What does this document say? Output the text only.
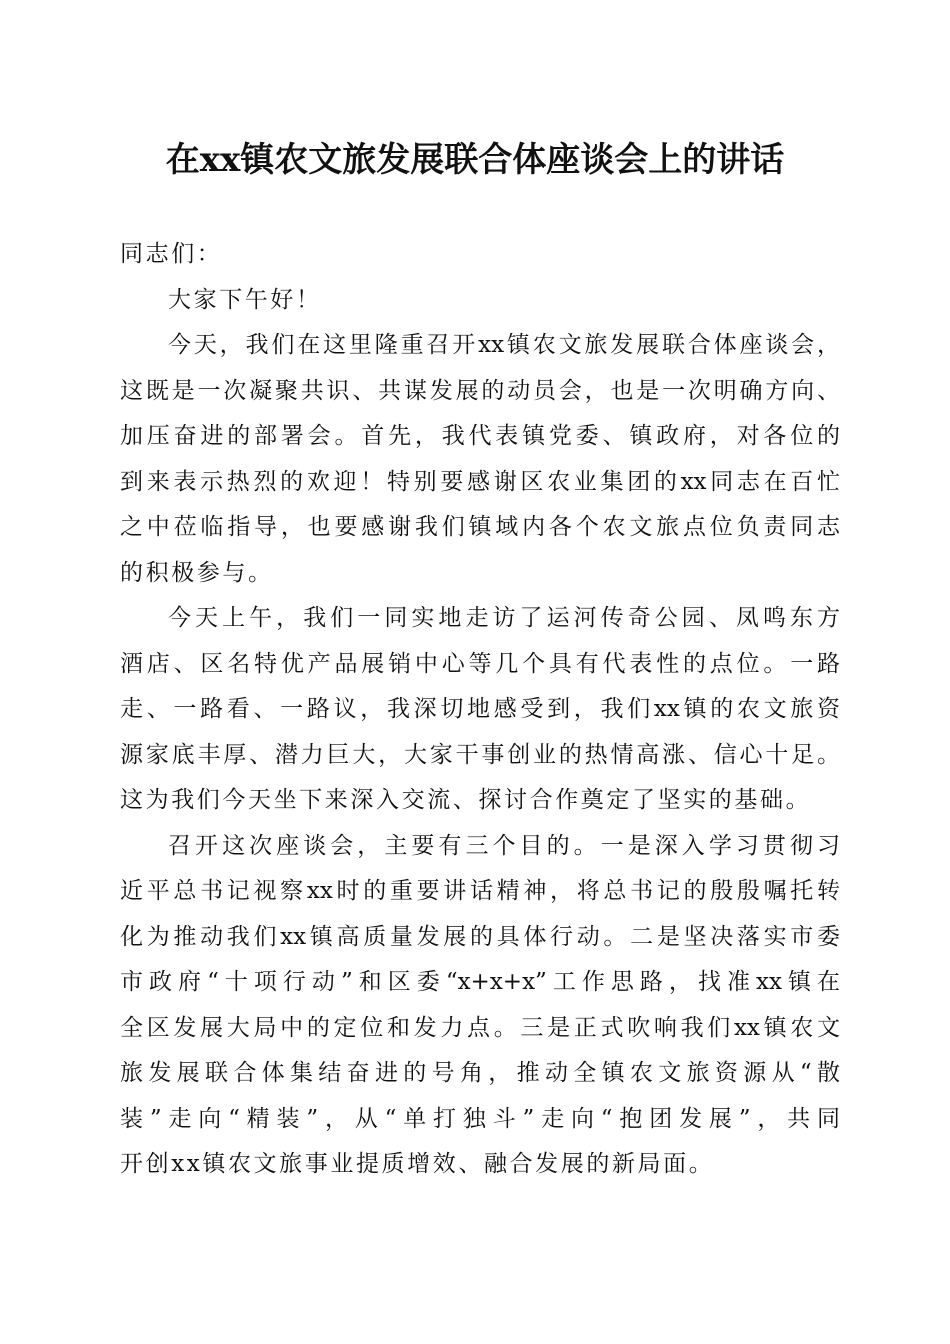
在xx镇农文旅发展联合体座谈会上的讲话
同志们：
大家下午好！
今天，我们在这里隆重召开xx镇农文旅发展联合体座谈会，
这既是一次凝聚共识、共谋发展的动员会，也是一次明确方向、
加压奋进的部署会。首先，我代表镇党委、镇政府，对各位的
到来表示热烈的欢迎！特别要感谢区农业集团的xx同志在百忙
之中莅临指导，也要感谢我们镇域内各个农文旅点位负责同志
的积极参与。
今天上午，我们一同实地走访了运河传奇公园、凤鸣东方
酒店、区名特优产品展销中心等几个具有代表性的点位。一路
走、一路看、一路议，我深切地感受到，我们xx镇的农文旅资
源家底丰厚、潜力巨大，大家干事创业的热情高涨、信心十足。
这为我们今天坐下来深入交流、探讨合作奠定了坚实的基础。
召开这次座谈会，主要有三个目的。一是深入学习贯彻习
近平总书记视察xx时的重要讲话精神，将总书记的殷殷嘱托转
化为推动我们xx镇高质量发展的具体行动。二是坚决落实市委
市政府“十项行动”和区委“x+x+x”工作思路，找准xx镇在
全区发展大局中的定位和发力点。三是正式吹响我们xx镇农文
旅发展联合体集结奋进的号角，推动全镇农文旅资源从“散
装”走向“精装”，从“单打独斗”走向“抱团发展”，共同
开创xx镇农文旅事业提质增效、融合发展的新局面。
